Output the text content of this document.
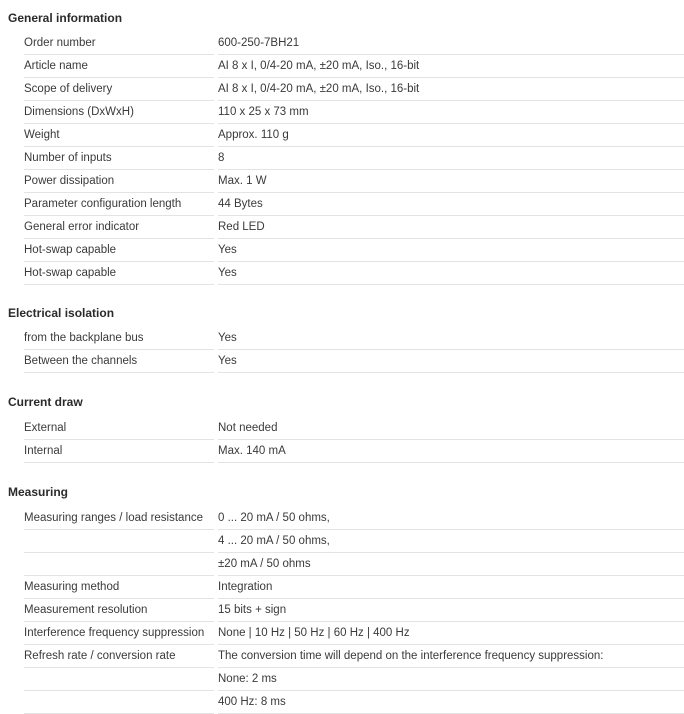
General information
Order number	600-250-7BH21
Article name	AI 8 x I, 0/4-20 mA, ±20 mA, Iso., 16-bit
Scope of delivery	AI 8 x I, 0/4-20 mA, ±20 mA, Iso., 16-bit
Dimensions (DxWxH)	110 x 25 x 73 mm
Weight	Approx. 110 g
Number of inputs	8
Power dissipation	Max. 1 W
Parameter configuration length	44 Bytes
General error indicator	Red LED
Hot-swap capable	Yes
Hot-swap capable	Yes
Electrical isolation
from the backplane bus	Yes
Between the channels	Yes
Current draw
External	Not needed
Internal	Max. 140 mA
Measuring
Measuring ranges / load resistance	0 ... 20 mA / 50 ohms,
4 ... 20 mA / 50 ohms,
±20 mA / 50 ohms
Measuring method	Integration
Measurement resolution	15 bits + sign
Interference frequency suppression	None | 10 Hz | 50 Hz | 60 Hz | 400 Hz
Refresh rate / conversion rate	The conversion time will depend on the interference frequency suppression:
None: 2 ms
400 Hz: 8 ms
